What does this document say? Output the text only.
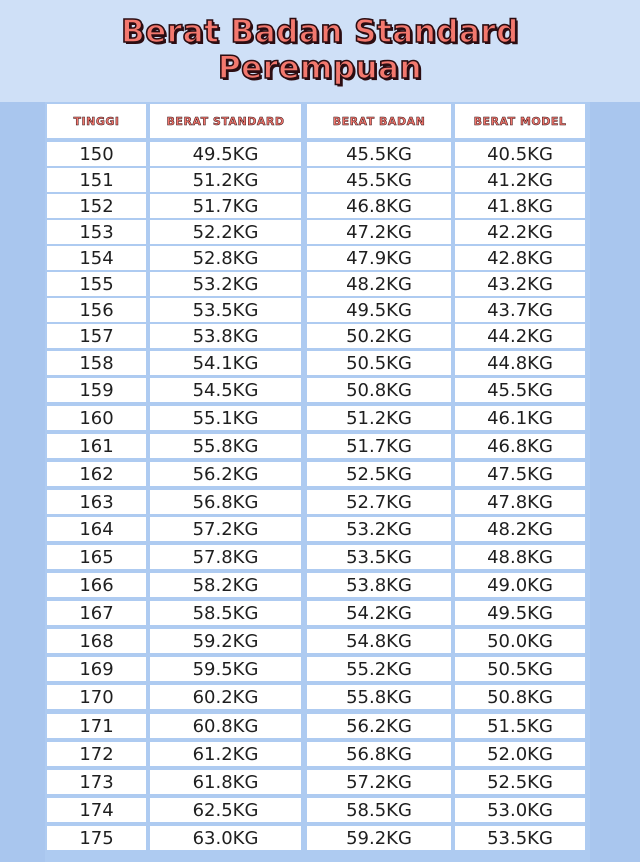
Berat Badan Standard
Perempuan
TINGGI
150
151
152
153
154
155
156
157
158
159
160
161
162
163
164
165
166
167
168
169
170
171
172
173
174
175
BERAT STANDARD
49.5KG
51.2KG
51.7KG
52.2KG
52.8KG
53.2KG
53.5KG
53.8KG
54.1KG
54.5KG
55.1KG
55.8KG
56.2KG
56.8KG
57.2KG
57.8KG
58.2KG
58.5KG
59.2KG
59.5KG
60.2KG
60.8KG
61.2KG
61.8KG
62.5KG
63.0KG
BERAT BADAN
45.5KG
45.5KG
46.8KG
47.2KG
47.9KG
48.2KG
49.5KG
50.2KG
50.5KG
50.8KG
51.2KG
51.7KG
52.5KG
52.7KG
53.2KG
53.5KG
53.8KG
54.2KG
54.8KG
55.2KG
55.8KG
56.2KG
56.8KG
57.2KG
58.5KG
59.2KG
BERAT MODEL
40.5KG
41.2KG
41.8KG
42.2KG
42.8KG
43.2KG
43.7KG
44.2KG
44.8KG
45.5KG
46.1KG
46.8KG
47.5KG
47.8KG
48.2KG
48.8KG
49.0KG
49.5KG
50.0KG
50.5KG
50.8KG
51.5KG
52.0KG
52.5KG
53.0KG
53.5KG
